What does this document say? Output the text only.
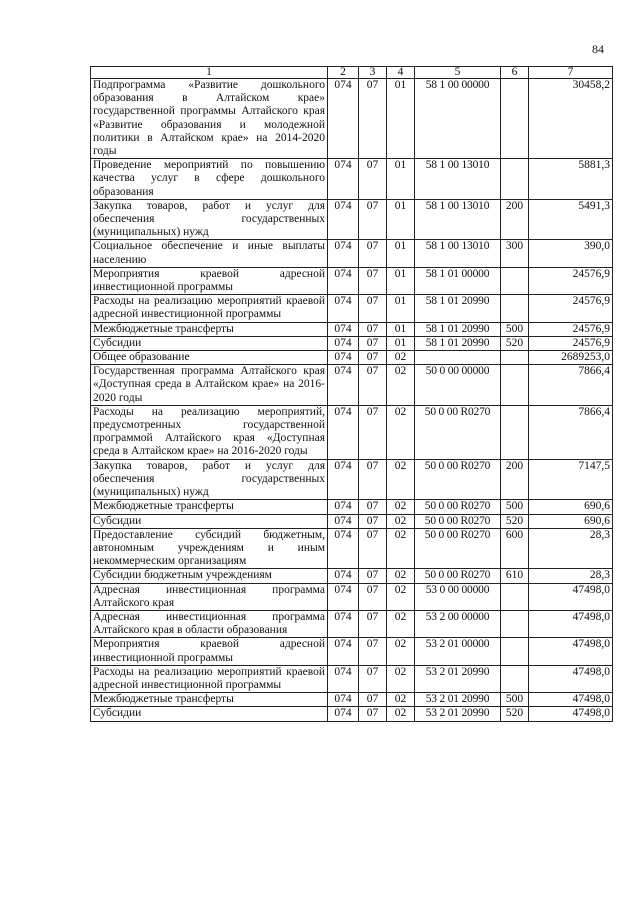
84
1	2	3	4	5	6	7
Подпрограмма «Развитие дошкольного образования в Алтайском крае» государственной программы Алтайского края «Развитие образования и молодежной политики в Алтайском крае» на 2014-2020 годы	074	07	01	58 1 00 00000		30458,2
Проведение мероприятий по повышению качества услуг в сфере дошкольного образования	074	07	01	58 1 00 13010		5881,3
Закупка товаров, работ и услуг для обеспечения государственных (муниципальных) нужд	074	07	01	58 1 00 13010	200	5491,3
Социальное обеспечение и иные выплаты населению	074	07	01	58 1 00 13010	300	390,0
Мероприятия краевой адресной инвестиционной программы	074	07	01	58 1 01 00000		24576,9
Расходы на реализацию мероприятий краевой адресной инвестиционной программы	074	07	01	58 1 01 20990		24576,9
Межбюджетные трансферты	074	07	01	58 1 01 20990	500	24576,9
Субсидии	074	07	01	58 1 01 20990	520	24576,9
Общее образование	074	07	02			2689253,0
Государственная программа Алтайского края «Доступная среда в Алтайском крае» на 2016-2020 годы	074	07	02	50 0 00 00000		7866,4
Расходы на реализацию мероприятий, предусмотренных государственной программой Алтайского края «Доступная среда в Алтайском крае» на 2016-2020 годы	074	07	02	50 0 00 R0270		7866,4
Закупка товаров, работ и услуг для обеспечения государственных (муниципальных) нужд	074	07	02	50 0 00 R0270	200	7147,5
Межбюджетные трансферты	074	07	02	50 0 00 R0270	500	690,6
Субсидии	074	07	02	50 0 00 R0270	520	690,6
Предоставление субсидий бюджетным, автономным учреждениям и иным некоммерческим организациям	074	07	02	50 0 00 R0270	600	28,3
Субсидии бюджетным учреждениям	074	07	02	50 0 00 R0270	610	28,3
Адресная инвестиционная программа Алтайского края	074	07	02	53 0 00 00000		47498,0
Адресная инвестиционная программа Алтайского края в области образования	074	07	02	53 2 00 00000		47498,0
Мероприятия краевой адресной инвестиционной программы	074	07	02	53 2 01 00000		47498,0
Расходы на реализацию мероприятий краевой адресной инвестиционной программы	074	07	02	53 2 01 20990		47498,0
Межбюджетные трансферты	074	07	02	53 2 01 20990	500	47498,0
Субсидии	074	07	02	53 2 01 20990	520	47498,0
